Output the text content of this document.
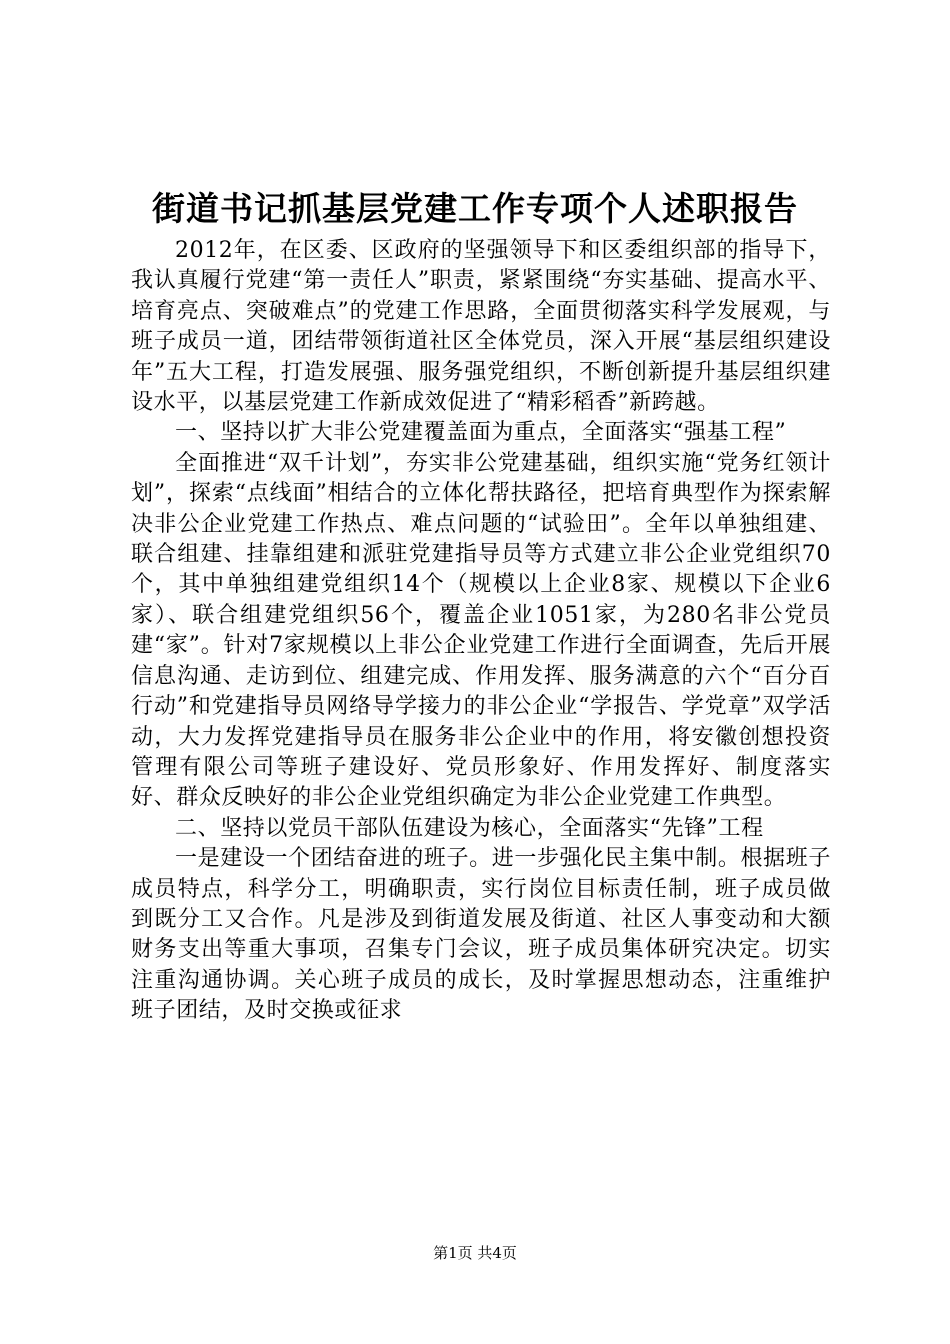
街道书记抓基层党建工作专项个人述职报告

2012年，在区委、区政府的坚强领导下和区委组织部的指导下，我认真履行党建“第一责任人”职责，紧紧围绕“夯实基础、提高水平、培育亮点、突破难点”的党建工作思路，全面贯彻落实科学发展观，与班子成员一道，团结带领街道社区全体党员，深入开展“基层组织建设年”五大工程，打造发展强、服务强党组织，不断创新提升基层组织建设水平，以基层党建工作新成效促进了“精彩稻香”新跨越。

一、坚持以扩大非公党建覆盖面为重点，全面落实“强基工程”

全面推进“双千计划”，夯实非公党建基础，组织实施“党务红领计划”，探索“点线面”相结合的立体化帮扶路径，把培育典型作为探索解决非公企业党建工作热点、难点问题的“试验田”。全年以单独组建、联合组建、挂靠组建和派驻党建指导员等方式建立非公企业党组织70个，其中单独组建党组织14个（规模以上企业8家、规模以下企业6家）、联合组建党组织56个，覆盖企业1051家，为280名非公党员建“家”。针对7家规模以上非公企业党建工作进行全面调查，先后开展信息沟通、走访到位、组建完成、作用发挥、服务满意的六个“百分百行动”和党建指导员网络导学接力的非公企业“学报告、学党章”双学活动，大力发挥党建指导员在服务非公企业中的作用，将安徽创想投资管理有限公司等班子建设好、党员形象好、作用发挥好、制度落实好、群众反映好的非公企业党组织确定为非公企业党建工作典型。

二、坚持以党员干部队伍建设为核心，全面落实“先锋”工程

一是建设一个团结奋进的班子。进一步强化民主集中制。根据班子成员特点，科学分工，明确职责，实行岗位目标责任制，班子成员做到既分工又合作。凡是涉及到街道发展及街道、社区人事变动和大额财务支出等重大事项，召集专门会议，班子成员集体研究决定。切实注重沟通协调。关心班子成员的成长，及时掌握思想动态，注重维护班子团结，及时交换或征求

第1页 共4页
